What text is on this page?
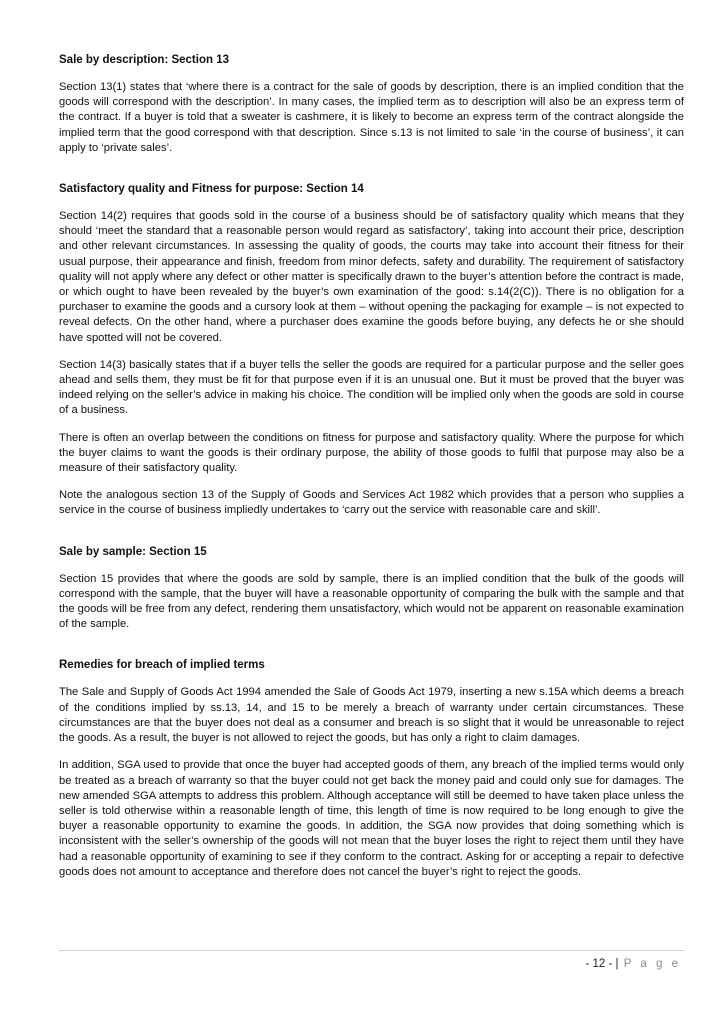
Sale by description: Section 13

Section 13(1) states that ‘where there is a contract for the sale of goods by description, there is an implied condition that the goods will correspond with the description’. In many cases, the implied term as to description will also be an express term of the contract. If a buyer is told that a sweater is cashmere, it is likely to become an express term of the contract alongside the implied term that the good correspond with that description. Since s.13 is not limited to sale ‘in the course of business’, it can apply to ‘private sales’.

Satisfactory quality and Fitness for purpose: Section 14

Section 14(2) requires that goods sold in the course of a business should be of satisfactory quality which means that they should ‘meet the standard that a reasonable person would regard as satisfactory’, taking into account their price, description and other relevant circumstances. In assessing the quality of goods, the courts may take into account their fitness for their usual purpose, their appearance and finish, freedom from minor defects, safety and durability. The requirement of satisfactory quality will not apply where any defect or other matter is specifically drawn to the buyer’s attention before the contract is made, or which ought to have been revealed by the buyer’s own examination of the good: s.14(2(C)). There is no obligation for a purchaser to examine the goods and a cursory look at them – without opening the packaging for example – is not expected to reveal defects. On the other hand, where a purchaser does examine the goods before buying, any defects he or she should have spotted will not be covered.

Section 14(3) basically states that if a buyer tells the seller the goods are required for a particular purpose and the seller goes ahead and sells them, they must be fit for that purpose even if it is an unusual one. But it must be proved that the buyer was indeed relying on the seller’s advice in making his choice. The condition will be implied only when the goods are sold in course of a business.

There is often an overlap between the conditions on fitness for purpose and satisfactory quality. Where the purpose for which the buyer claims to want the goods is their ordinary purpose, the ability of those goods to fulfil that purpose may also be a measure of their satisfactory quality.

Note the analogous section 13 of the Supply of Goods and Services Act 1982 which provides that a person who supplies a service in the course of business impliedly undertakes to ‘carry out the service with reasonable care and skill’.

Sale by sample: Section 15

Section 15 provides that where the goods are sold by sample, there is an implied condition that the bulk of the goods will correspond with the sample, that the buyer will have a reasonable opportunity of comparing the bulk with the sample and that the goods will be free from any defect, rendering them unsatisfactory, which would not be apparent on reasonable examination of the sample.

Remedies for breach of implied terms

The Sale and Supply of Goods Act 1994 amended the Sale of Goods Act 1979, inserting a new s.15A which deems a breach of the conditions implied by ss.13, 14, and 15 to be merely a breach of warranty under certain circumstances. These circumstances are that the buyer does not deal as a consumer and breach is so slight that it would be unreasonable to reject the goods. As a result, the buyer is not allowed to reject the goods, but has only a right to claim damages.

In addition, SGA used to provide that once the buyer had accepted goods of them, any breach of the implied terms would only be treated as a breach of warranty so that the buyer could not get back the money paid and could only sue for damages. The new amended SGA attempts to address this problem. Although acceptance will still be deemed to have taken place unless the seller is told otherwise within a reasonable length of time, this length of time is now required to be long enough to give the buyer a reasonable opportunity to examine the goods. In addition, the SGA now provides that doing something which is inconsistent with the seller’s ownership of the goods will not mean that the buyer loses the right to reject them until they have had a reasonable opportunity of examining to see if they conform to the contract. Asking for or accepting a repair to defective goods does not amount to acceptance and therefore does not cancel the buyer’s right to reject the goods.

- 12 - | P a g e
